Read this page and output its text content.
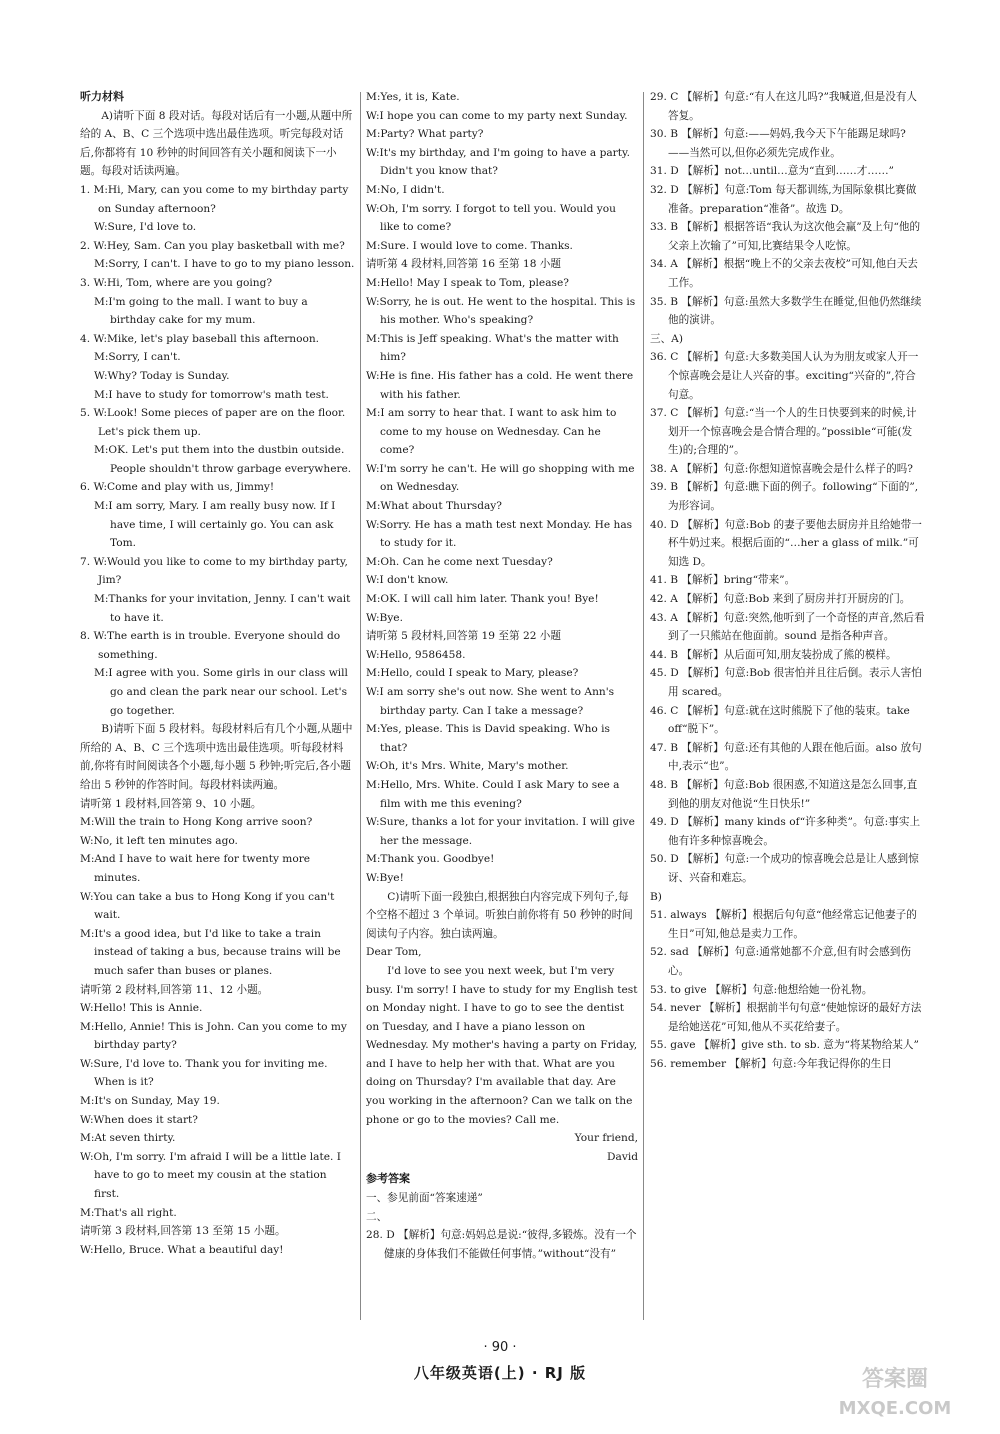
听力材料

A)请听下面 8 段对话。每段对话后有一小题,从题中所给的 A、B、C 三个选项中选出最佳选项。听完每段对话后,你都将有 10 秒钟的时间回答有关小题和阅读下一小题。每段对话读两遍。

1. M:Hi, Mary, can you come to my birthday party on Sunday afternoon?

W:Sure, I'd love to.

2. W:Hey, Sam. Can you play basketball with me?

M:Sorry, I can't. I have to go to my piano lesson.

3. W:Hi, Tom, where are you going?

M:I'm going to the mall. I want to buy a birthday cake for my mum.

4. W:Mike, let's play baseball this afternoon.

M:Sorry, I can't.

W:Why? Today is Sunday.

M:I have to study for tomorrow's math test.

5. W:Look! Some pieces of paper are on the floor. Let's pick them up.

M:OK. Let's put them into the dustbin outside. People shouldn't throw garbage everywhere.

6. W:Come and play with us, Jimmy!

M:I am sorry, Mary. I am really busy now. If I have time, I will certainly go. You can ask Tom.

7. W:Would you like to come to my birthday party, Jim?

M:Thanks for your invitation, Jenny. I can't wait to have it.

8. W:The earth is in trouble. Everyone should do something.

M:I agree with you. Some girls in our class will go and clean the park near our school. Let's go together.

B)请听下面 5 段材料。每段材料后有几个小题,从题中所给的 A、B、C 三个选项中选出最佳选项。听每段材料前,你将有时间阅读各个小题,每小题 5 秒钟;听完后,各小题给出 5 秒钟的作答时间。每段材料读两遍。

请听第 1 段材料,回答第 9、10 小题。

M:Will the train to Hong Kong arrive soon?

W:No, it left ten minutes ago.

M:And I have to wait here for twenty more minutes.

W:You can take a bus to Hong Kong if you can't wait.

M:It's a good idea, but I'd like to take a train instead of taking a bus, because trains will be much safer than buses or planes.

请听第 2 段材料,回答第 11、12 小题。

W:Hello! This is Annie.

M:Hello, Annie! This is John. Can you come to my birthday party?

W:Sure, I'd love to. Thank you for inviting me. When is it?

M:It's on Sunday, May 19.

W:When does it start?

M:At seven thirty.

W:Oh, I'm sorry. I'm afraid I will be a little late. I have to go to meet my cousin at the station first.

M:That's all right.

请听第 3 段材料,回答第 13 至第 15 小题。

W:Hello, Bruce. What a beautiful day!

M:Yes, it is, Kate.

W:I hope you can come to my party next Sunday.

M:Party? What party?

W:It's my birthday, and I'm going to have a party. Didn't you know that?

M:No, I didn't.

W:Oh, I'm sorry. I forgot to tell you. Would you like to come?

M:Sure. I would love to come. Thanks.

请听第 4 段材料,回答第 16 至第 18 小题

M:Hello! May I speak to Tom, please?

W:Sorry, he is out. He went to the hospital. This is his mother. Who's speaking?

M:This is Jeff speaking. What's the matter with him?

W:He is fine. His father has a cold. He went there with his father.

M:I am sorry to hear that. I want to ask him to come to my house on Wednesday. Can he come?

W:I'm sorry he can't. He will go shopping with me on Wednesday.

M:What about Thursday?

W:Sorry. He has a math test next Monday. He has to study for it.

M:Oh. Can he come next Tuesday?

W:I don't know.

M:OK. I will call him later. Thank you! Bye!

W:Bye.

请听第 5 段材料,回答第 19 至第 22 小题

W:Hello, 9586458.

M:Hello, could I speak to Mary, please?

W:I am sorry she's out now. She went to Ann's birthday party. Can I take a message?

M:Yes, please. This is David speaking. Who is that?

W:Oh, it's Mrs. White, Mary's mother.

M:Hello, Mrs. White. Could I ask Mary to see a film with me this evening?

W:Sure, thanks a lot for your invitation. I will give her the message.

M:Thank you. Goodbye!

W:Bye!

C)请听下面一段独白,根据独白内容完成下列句子,每个空格不超过 3 个单词。听独白前你将有 50 秒钟的时间阅读句子内容。独白读两遍。

Dear Tom,

I'd love to see you next week, but I'm very busy. I'm sorry! I have to study for my English test on Monday night. I have to go to see the dentist on Tuesday, and I have a piano lesson on Wednesday. My mother's having a party on Friday, and I have to help her with that. What are you doing on Thursday? I'm available that day. Are you working in the afternoon? Can we talk on the phone or go to the movies? Call me.

Your friend,

David

参考答案

一、参见前面“答案速递”

二、

28. D 【解析】句意:妈妈总是说:“彼得,多锻炼。没有一个健康的身体我们不能做任何事情。”without“没有”

29. C 【解析】句意:“有人在这儿吗?”我喊道,但是没有人答复。

30. B 【解析】句意:——妈妈,我今天下午能踢足球吗? ——当然可以,但你必须先完成作业。

31. D 【解析】not…until…意为“直到……才……”

32. D 【解析】句意:Tom 每天都训练,为国际象棋比赛做准备。preparation“准备”。故选 D。

33. B 【解析】根据答语“我认为这次他会赢”及上句“他的父亲上次输了”可知,比赛结果令人吃惊。

34. A 【解析】根据“晚上不的父亲去夜校”可知,他白天去工作。

35. B 【解析】句意:虽然大多数学生在睡觉,但他仍然继续他的演讲。

三、A)

36. C 【解析】句意:大多数美国人认为为朋友或家人开一个惊喜晚会是让人兴奋的事。exciting“兴奋的”,符合句意。

37. C 【解析】句意:“当一个人的生日快要到来的时候,计划开一个惊喜晚会是合情合理的。”possible“可能(发生)的;合理的”。

38. A 【解析】句意:你想知道惊喜晚会是什么样子的吗?

39. B 【解析】句意:瞧下面的例子。following“下面的”,为形容词。

40. D 【解析】句意:Bob 的妻子要他去厨房并且给她带一杯牛奶过来。根据后面的“…her a glass of milk.”可知选 D。

41. B 【解析】bring“带来”。

42. A 【解析】句意:Bob 来到了厨房并打开厨房的门。

43. A 【解析】句意:突然,他听到了一个奇怪的声音,然后看到了一只熊站在他面前。sound 是指各种声音。

44. B 【解析】从后面可知,朋友装扮成了熊的模样。

45. D 【解析】句意:Bob 很害怕并且往后倒。表示人害怕用 scared。

46. C 【解析】句意:就在这时熊脱下了他的装束。take off“脱下”。

47. B 【解析】句意:还有其他的人跟在他后面。also 放句中,表示“也”。

48. B 【解析】句意:Bob 很困惑,不知道这是怎么回事,直到他的朋友对他说“生日快乐!”

49. D 【解析】many kinds of“许多种类”。句意:事实上他有许多种惊喜晚会。

50. D 【解析】句意:一个成功的惊喜晚会总是让人感到惊讶、兴奋和难忘。

B)

51. always 【解析】根据后句句意“他经常忘记他妻子的生日”可知,他总是卖力工作。

52. sad 【解析】句意:通常她都不介意,但有时会感到伤心。

53. to give 【解析】句意:他想给她一份礼物。

54. never 【解析】根据前半句句意“使她惊讶的最好方法是给她送花”可知,他从不买花给妻子。

55. gave 【解析】give sth. to sb. 意为“将某物给某人”

56. remember 【解析】句意:今年我记得你的生日

· 90 ·
八年级英语(上) · RJ 版	答案圈
MXQE.COM
